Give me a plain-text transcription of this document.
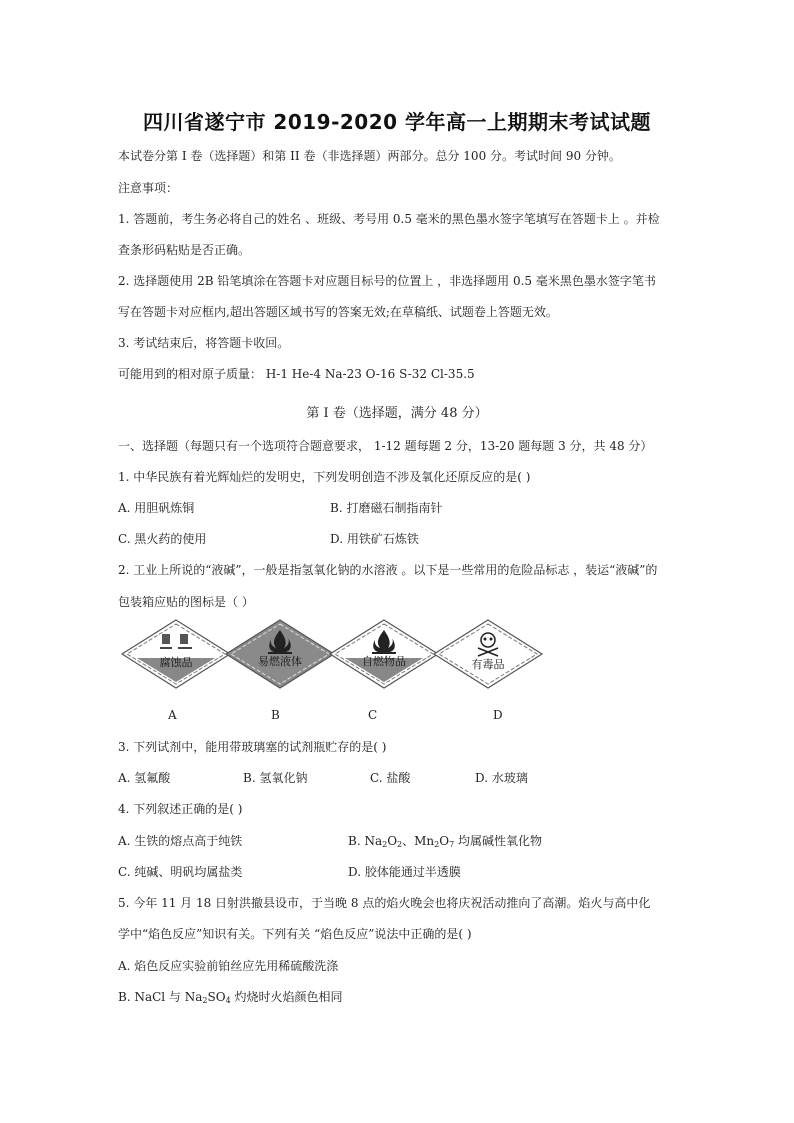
四川省遂宁市 2019-2020 学年高一上期期末考试试题
本试卷分第 I 卷（选择题）和第 II 卷（非选择题）两部分。总分 100 分。考试时间 90 分钟。
注意事项：
1. 答题前，考生务必将自己的姓名 、班级、考号用 0.5 毫米的黑色墨水签字笔填写在答题卡上 。并检
查条形码粘贴是否正确。
2. 选择题使用 2B 铅笔填涂在答题卡对应题目标号的位置上 ，非选择题用 0.5 毫米黑色墨水签字笔书
写在答题卡对应框内,超出答题区域书写的答案无效;在草稿纸、试题卷上答题无效。
3. 考试结束后，将答题卡收回。
可能用到的相对原子质量： H-1 He-4 Na-23 O-16 S-32 Cl-35.5
第 I 卷（选择题，满分 48 分）
一、选择题（每题只有一个选项符合题意要求， 1-12 题每题 2 分，13-20 题每题 3 分，共 48 分）
1. 中华民族有着光辉灿烂的发明史，下列发明创造不涉及氧化还原反应的是( )
A. 用胆矾炼铜	B. 打磨磁石制指南针
C. 黑火药的使用	D. 用铁矿石炼铁
2. 工业上所说的“液碱”，一般是指氢氧化钠的水溶液 。以下是一些常用的危险品标志 ，装运“液碱”的
包装箱应贴的图标是（ ）
腐蚀品	易燃液体	自燃物品	有毒品
A	B	C	D
3. 下列试剂中，能用带玻璃塞的试剂瓶贮存的是( )
A. 氢氟酸	B. 氢氧化钠	C. 盐酸	D. 水玻璃
4. 下列叙述正确的是( )
A. 生铁的熔点高于纯铁	B. $Na_2O_2$、$Mn_2O_7$ 均属碱性氧化物
C. 纯碱、明矾均属盐类	D. 胶体能通过半透膜
5. 今年 11 月 18 日射洪撤县设市，于当晚 8 点的焰火晚会也将庆祝活动推向了高潮。焰火与高中化
学中“焰色反应”知识有关。下列有关 “焰色反应”说法中正确的是( )
A. 焰色反应实验前铂丝应先用稀硫酸洗涤
B. NaCl 与 $Na_2SO_4$ 灼烧时火焰颜色相同
